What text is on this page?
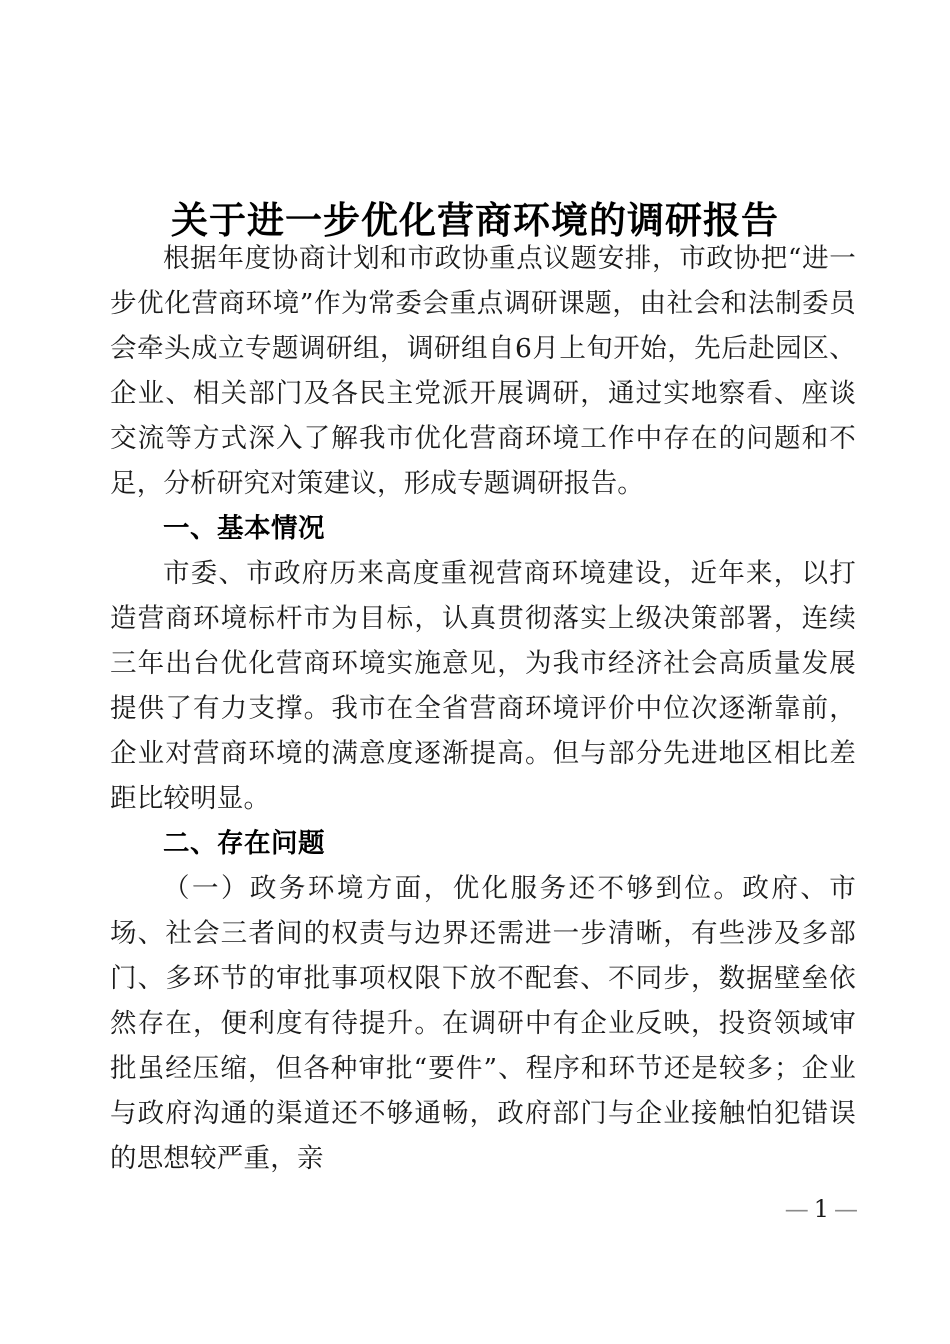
关于进一步优化营商环境的调研报告

根据年度协商计划和市政协重点议题安排，市政协把“进一步优化营商环境”作为常委会重点调研课题，由社会和法制委员会牵头成立专题调研组，调研组自6月上旬开始，先后赴园区、企业、相关部门及各民主党派开展调研，通过实地察看、座谈交流等方式深入了解我市优化营商环境工作中存在的问题和不足，分析研究对策建议，形成专题调研报告。

一、基本情况

市委、市政府历来高度重视营商环境建设，近年来，以打造营商环境标杆市为目标，认真贯彻落实上级决策部署，连续三年出台优化营商环境实施意见，为我市经济社会高质量发展提供了有力支撑。我市在全省营商环境评价中位次逐渐靠前，企业对营商环境的满意度逐渐提高。但与部分先进地区相比差距比较明显。

二、存在问题

（一）政务环境方面，优化服务还不够到位。政府、市场、社会三者间的权责与边界还需进一步清晰，有些涉及多部门、多环节的审批事项权限下放不配套、不同步，数据壁垒依然存在，便利度有待提升。在调研中有企业反映，投资领域审批虽经压缩，但各种审批“要件”、程序和环节还是较多；企业与政府沟通的渠道还不够通畅，政府部门与企业接触怕犯错误的思想较严重，亲

— 1 —
